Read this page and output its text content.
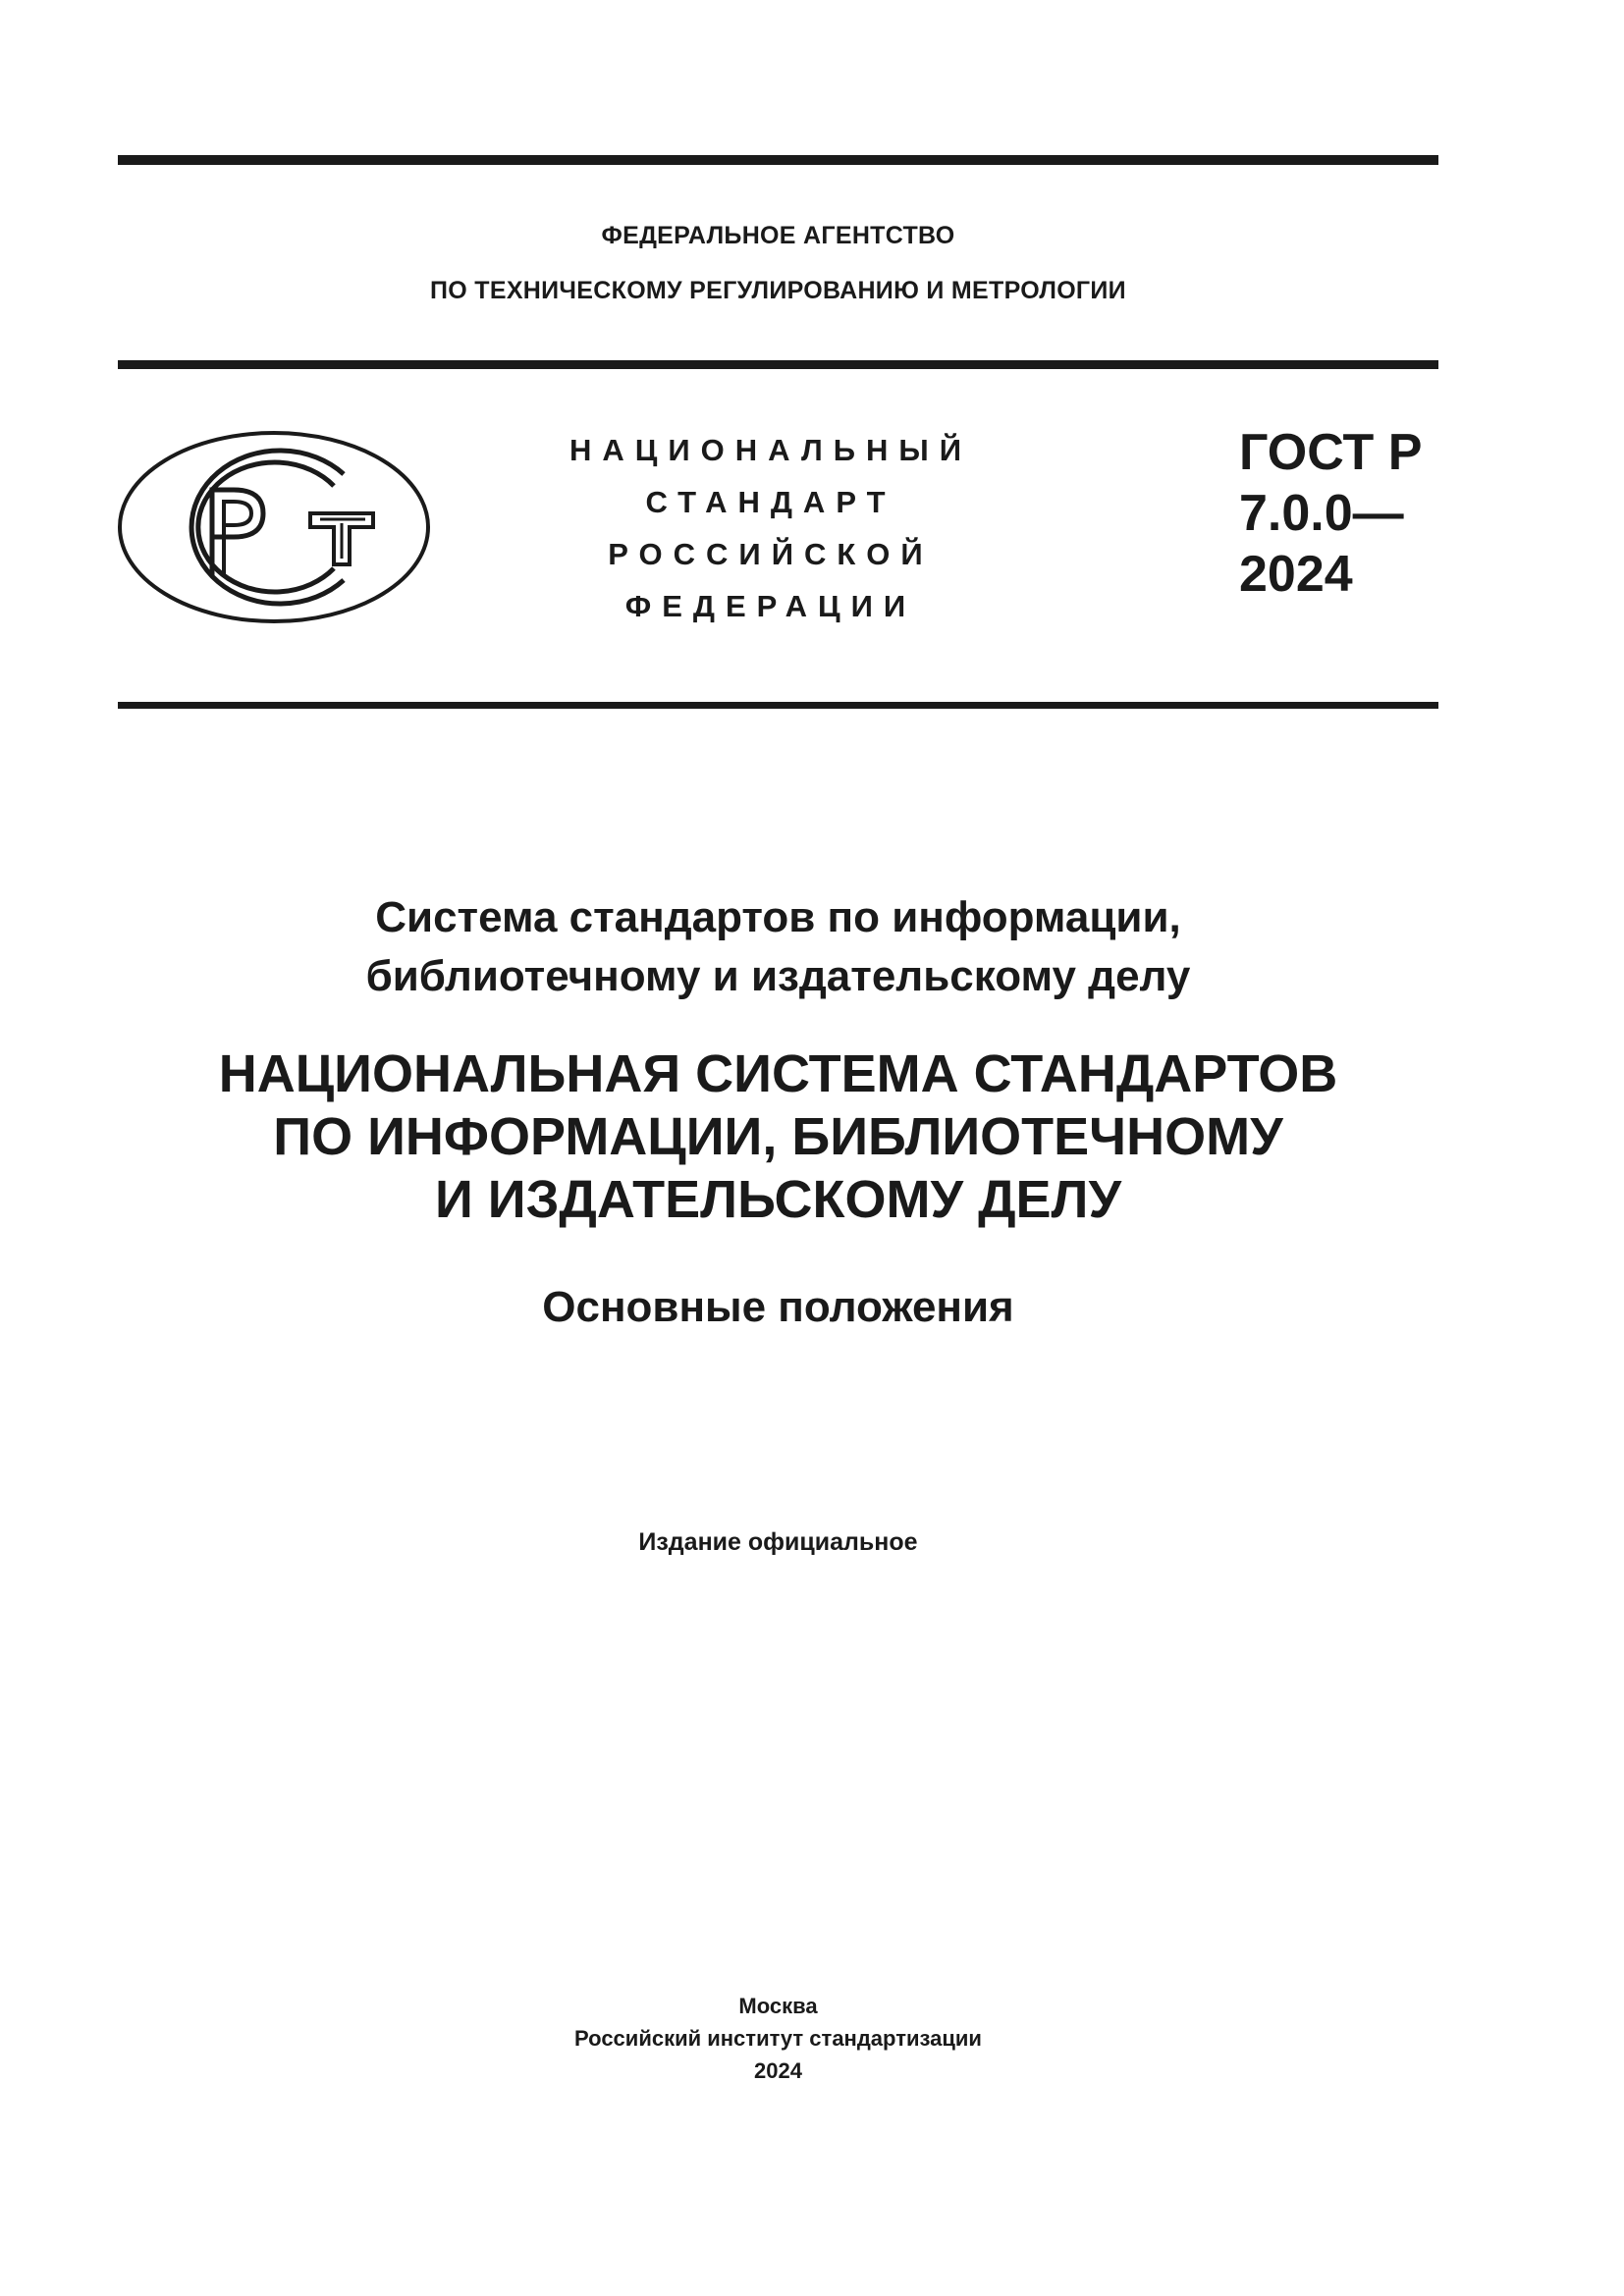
ФЕДЕРАЛЬНОЕ АГЕНТСТВО
ПО ТЕХНИЧЕСКОМУ РЕГУЛИРОВАНИЮ И МЕТРОЛОГИИ
НАЦИОНАЛЬНЫЙ
СТАНДАРТ
РОССИЙСКОЙ
ФЕДЕРАЦИИ
ГОСТ Р
7.0.0—
2024
Система стандартов по информации,
библиотечному и издательскому делу
НАЦИОНАЛЬНАЯ СИСТЕМА СТАНДАРТОВ
ПО ИНФОРМАЦИИ, БИБЛИОТЕЧНОМУ
И ИЗДАТЕЛЬСКОМУ ДЕЛУ
Основные положения
Издание официальное
Москва
Российский институт стандартизации
2024
